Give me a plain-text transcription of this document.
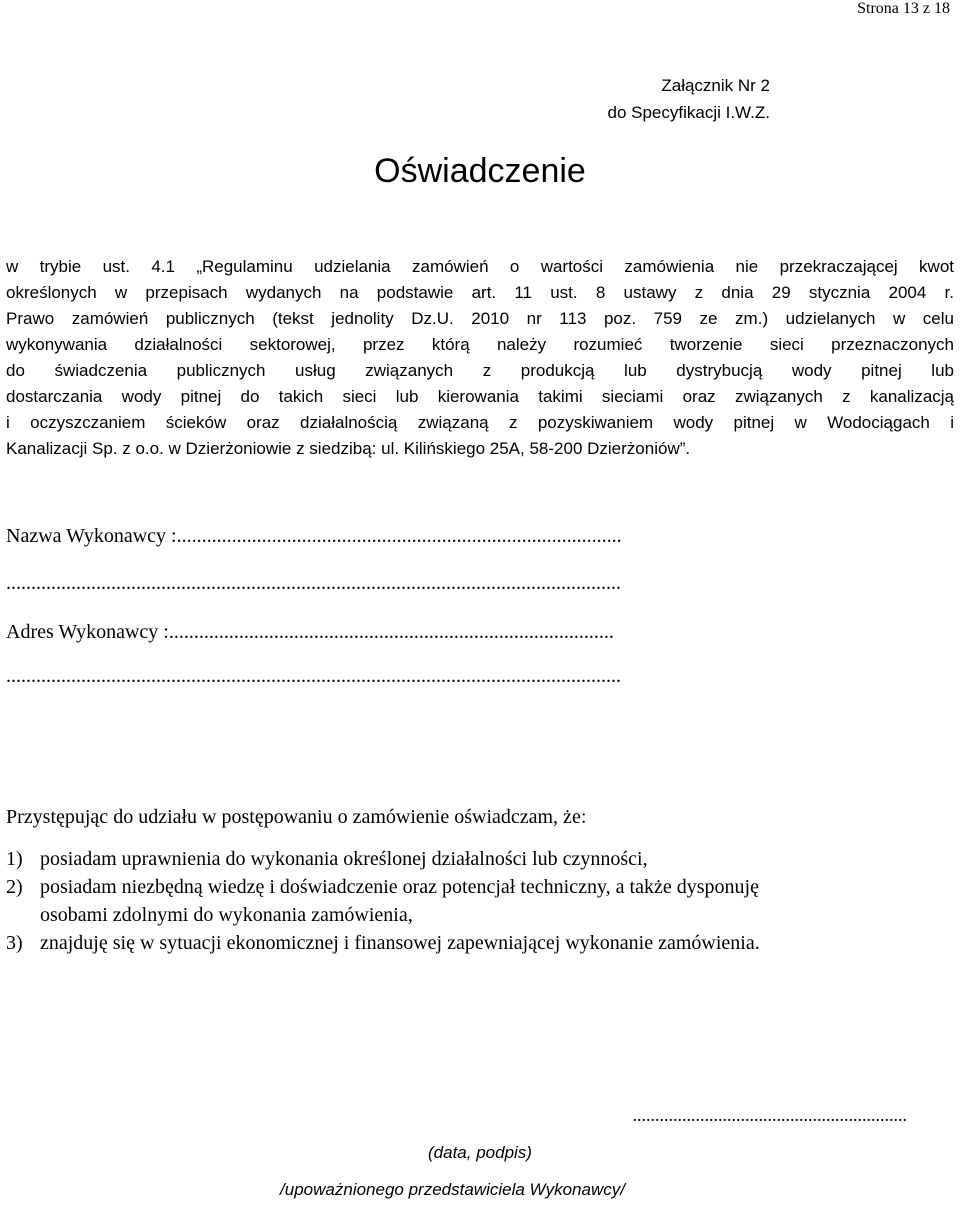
Strona 13 z 18
Załącznik Nr 2
do Specyfikacji I.W.Z.
Oświadczenie
w trybie ust. 4.1 „Regulaminu udzielania zamówień o wartości zamówienia nie przekraczającej kwot
określonych w przepisach wydanych na podstawie art. 11 ust. 8 ustawy z dnia 29 stycznia 2004 r.
Prawo zamówień publicznych (tekst jednolity Dz.U. 2010 nr 113 poz. 759 ze zm.) udzielanych w celu
wykonywania działalności sektorowej, przez którą należy rozumieć tworzenie sieci przeznaczonych
do świadczenia publicznych usług związanych z produkcją lub dystrybucją wody pitnej lub
dostarczania wody pitnej do takich sieci lub kierowania takimi sieciami oraz związanych z kanalizacją
i oczyszczaniem ścieków oraz działalnością związaną z pozyskiwaniem wody pitnej w Wodociągach i
Kanalizacji Sp. z o.o. w Dzierżoniowie z siedzibą: ul. Kilińskiego 25A, 58-200 Dzierżoniów”.
Nazwa Wykonawcy :.........................................................................................
...........................................................................................................................
Adres Wykonawcy :.........................................................................................
...........................................................................................................................
Przystępując do udziału w postępowaniu o zamówienie oświadczam, że:
1) posiadam uprawnienia do wykonania określonej działalności lub czynności,
2) posiadam niezbędną wiedzę i doświadczenie oraz potencjał techniczny, a także dysponuję
osobami zdolnymi do wykonania zamówienia,
3) znajduję się w sytuacji ekonomicznej i finansowej zapewniającej wykonanie zamówienia.
.............................................................
(data, podpis)
/upoważnionego przedstawiciela Wykonawcy/
